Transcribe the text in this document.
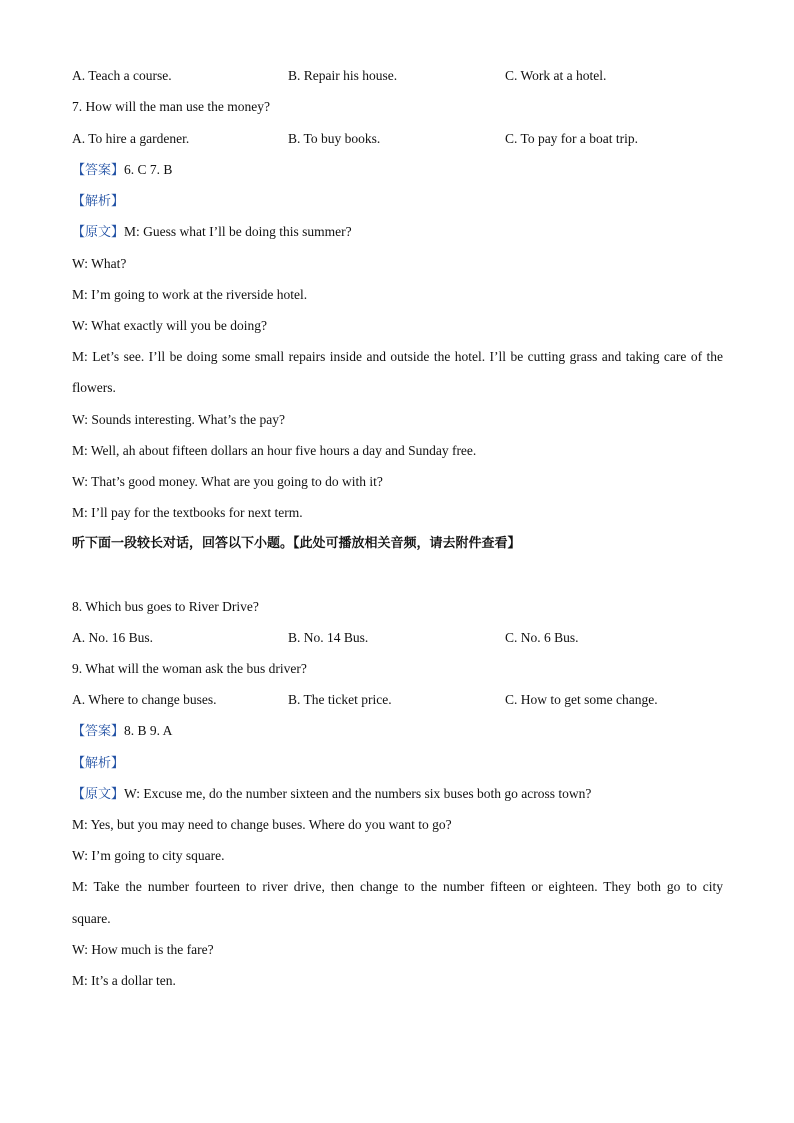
A. Teach a course.	B. Repair his house.	C. Work at a hotel.
7. How will the man use the money?
A. To hire a gardener.	B. To buy books.	C. To pay for a boat trip.
【答案】6. C 7. B
【解析】
【原文】M: Guess what I’ll be doing this summer?
W: What?
M: I’m going to work at the riverside hotel.
W: What exactly will you be doing?
M: Let’s see. I’ll be doing some small repairs inside and outside the hotel. I’ll be cutting grass and taking care of the
flowers.
W: Sounds interesting. What’s the pay?
M: Well, ah about fifteen dollars an hour five hours a day and Sunday free.
W: That’s good money. What are you going to do with it?
M: I’ll pay for the textbooks for next term.
听下面一段较长对话，回答以下小题。【此处可播放相关音频，请去附件查看】
8. Which bus goes to River Drive?
A. No. 16 Bus.	B. No. 14 Bus.	C. No. 6 Bus.
9. What will the woman ask the bus driver?
A. Where to change buses.	B. The ticket price.	C. How to get some change.
【答案】8. B 9. A
【解析】
【原文】W: Excuse me, do the number sixteen and the numbers six buses both go across town?
M: Yes, but you may need to change buses. Where do you want to go?
W: I’m going to city square.
M: Take the number fourteen to river drive, then change to the number fifteen or eighteen. They both go to city
square.
W: How much is the fare?
M: It’s a dollar ten.
